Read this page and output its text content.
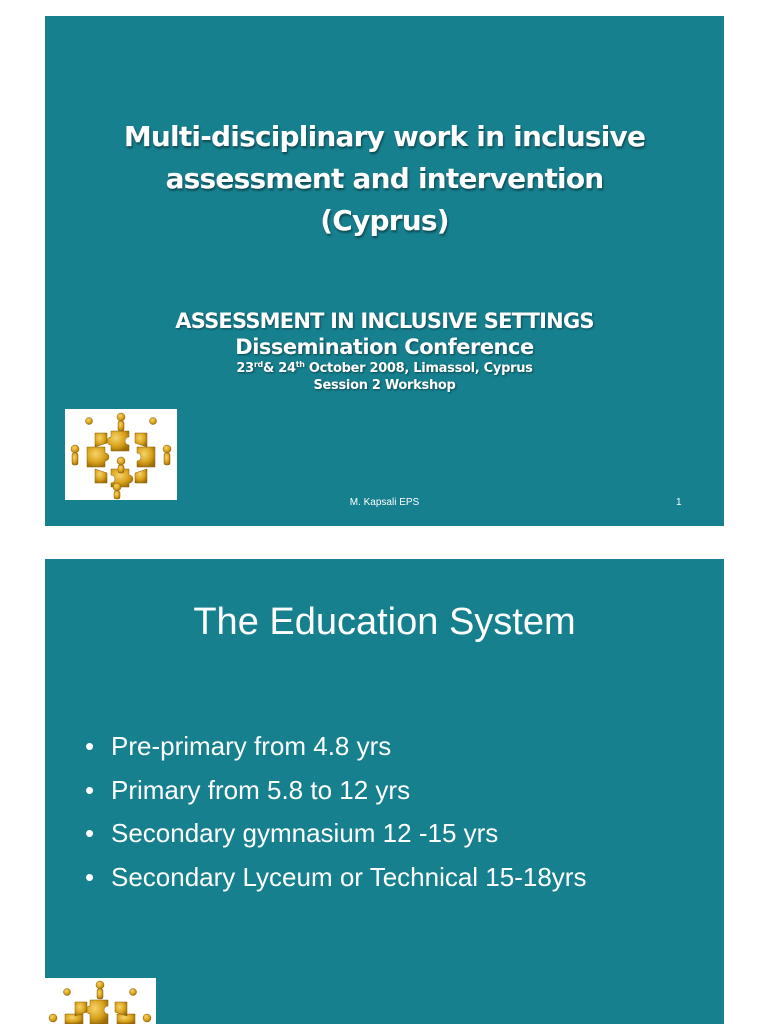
Multi-disciplinary work in inclusive
assessment and intervention
(Cyprus)
ASSESSMENT IN INCLUSIVE SETTINGS
Dissemination Conference
23rd& 24th October 2008, Limassol, Cyprus
Session 2 Workshop
M. Kapsali EPS	1
The Education System
• Pre-primary from 4.8 yrs
• Primary from 5.8 to 12 yrs
• Secondary gymnasium 12 -15 yrs
• Secondary Lyceum or Technical 15-18yrs
